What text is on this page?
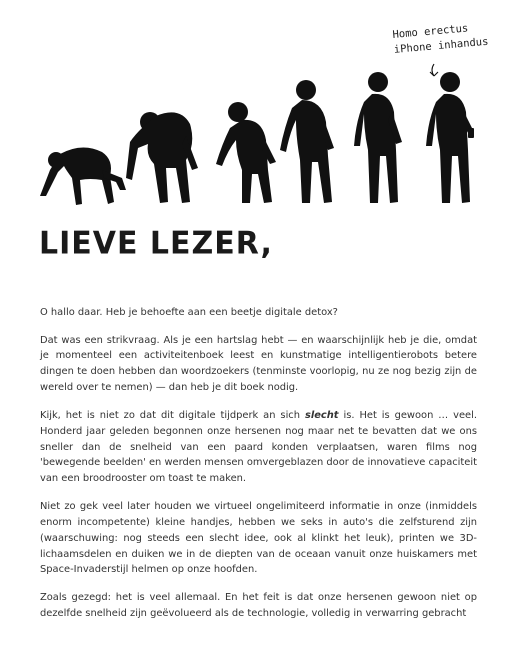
Homo erectus
iPhone inhandus
LIEVE LEZER,

O hallo daar. Heb je behoefte aan een beetje digitale detox?

Dat was een strikvraag. Als je een hartslag hebt — en waarschijnlijk heb je die, omdat je momenteel een activiteitenboek leest en kunstmatige intelligentierobots betere dingen te doen hebben dan woordzoekers (tenminste voorlopig, nu ze nog bezig zijn de wereld over te nemen) — dan heb je dit boek nodig.

Kijk, het is niet zo dat dit digitale tijdperk an sich slecht is. Het is gewoon … veel. Honderd jaar geleden begonnen onze hersenen nog maar net te bevatten dat we ons sneller dan de snelheid van een paard konden verplaatsen, waren films nog 'bewegende beelden' en werden mensen omvergeblazen door de innovatieve capaciteit van een broodrooster om toast te maken.

Niet zo gek veel later houden we virtueel ongelimiteerd informatie in onze (inmiddels enorm incompetente) kleine handjes, hebben we seks in auto's die zelfsturend zijn (waarschuwing: nog steeds een slecht idee, ook al klinkt het leuk), printen we 3D-lichaamsdelen en duiken we in de diepten van de oceaan vanuit onze huiskamers met Space-Invaderstijl helmen op onze hoofden.

Zoals gezegd: het is veel allemaal. En het feit is dat onze hersenen gewoon niet op dezelfde snelheid zijn geëvolueerd als de technologie, volledig in verwarring gebracht
